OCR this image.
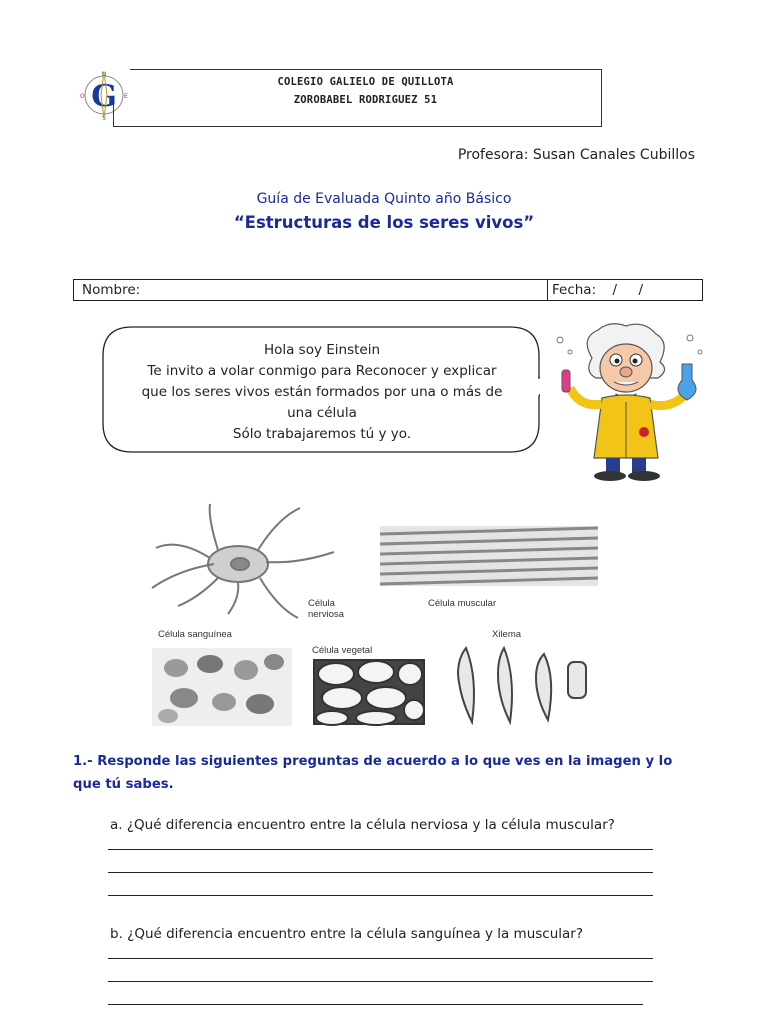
N
S
O	E
G	COLEGIO GALIELO DE QUILLOTA
ZOROBABEL RODRIGUEZ 51
Profesora: Susan Canales Cubillos
Guía de Evaluada Quinto año Básico
“Estructuras de los seres vivos”
Nombre:	Fecha: /     /
Hola soy Einstein
Te invito a volar conmigo para Reconocer y explicar
que los seres vivos están formados por una o más de
una célula
Sólo trabajaremos tú y yo.
Célula
nerviosa
Célula muscular
Célula sanguínea
Célula vegetal
Xilema
1.- Responde las siguientes preguntas de acuerdo a lo que ves en la imagen y lo que tú sabes.
a. ¿Qué diferencia encuentro entre la célula nerviosa y la célula muscular?
b. ¿Qué diferencia encuentro entre la célula sanguínea y la muscular?
